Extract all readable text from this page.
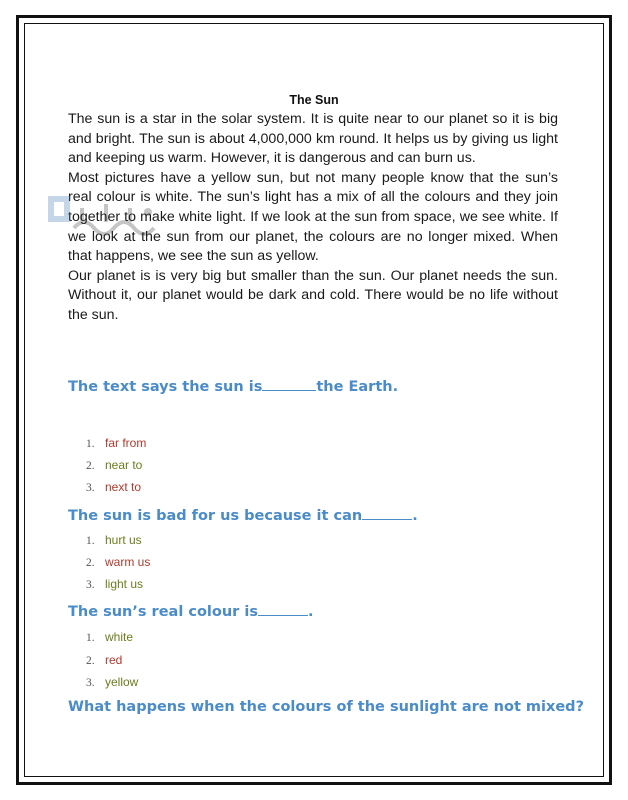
The Sun

The sun is a star in the solar system. It is quite near to our planet so it is big and bright. The sun is about 4,000,000 km round. It helps us by giving us light and keeping us warm. However, it is dangerous and can burn us.

Most pictures have a yellow sun, but not many people know that the sun’s real colour is white. The sun’s light has a mix of all the colours and they join together to make white light. If we look at the sun from space, we see white. If we look at the sun from our planet, the colours are no longer mixed. When that happens, we see the sun as yellow.

Our planet is is very big but smaller than the sun. Our planet needs the sun. Without it, our planet would be dark and cold. There would be no life without the sun.

The text says the sun is	the Earth.
1. far from
2. near to
3. next to
The sun is bad for us because it can	.
1. hurt us
2. warm us
3. light us
The sun’s real colour is	.
1. white
2. red
3. yellow
What happens when the colours of the sunlight are not mixed?
